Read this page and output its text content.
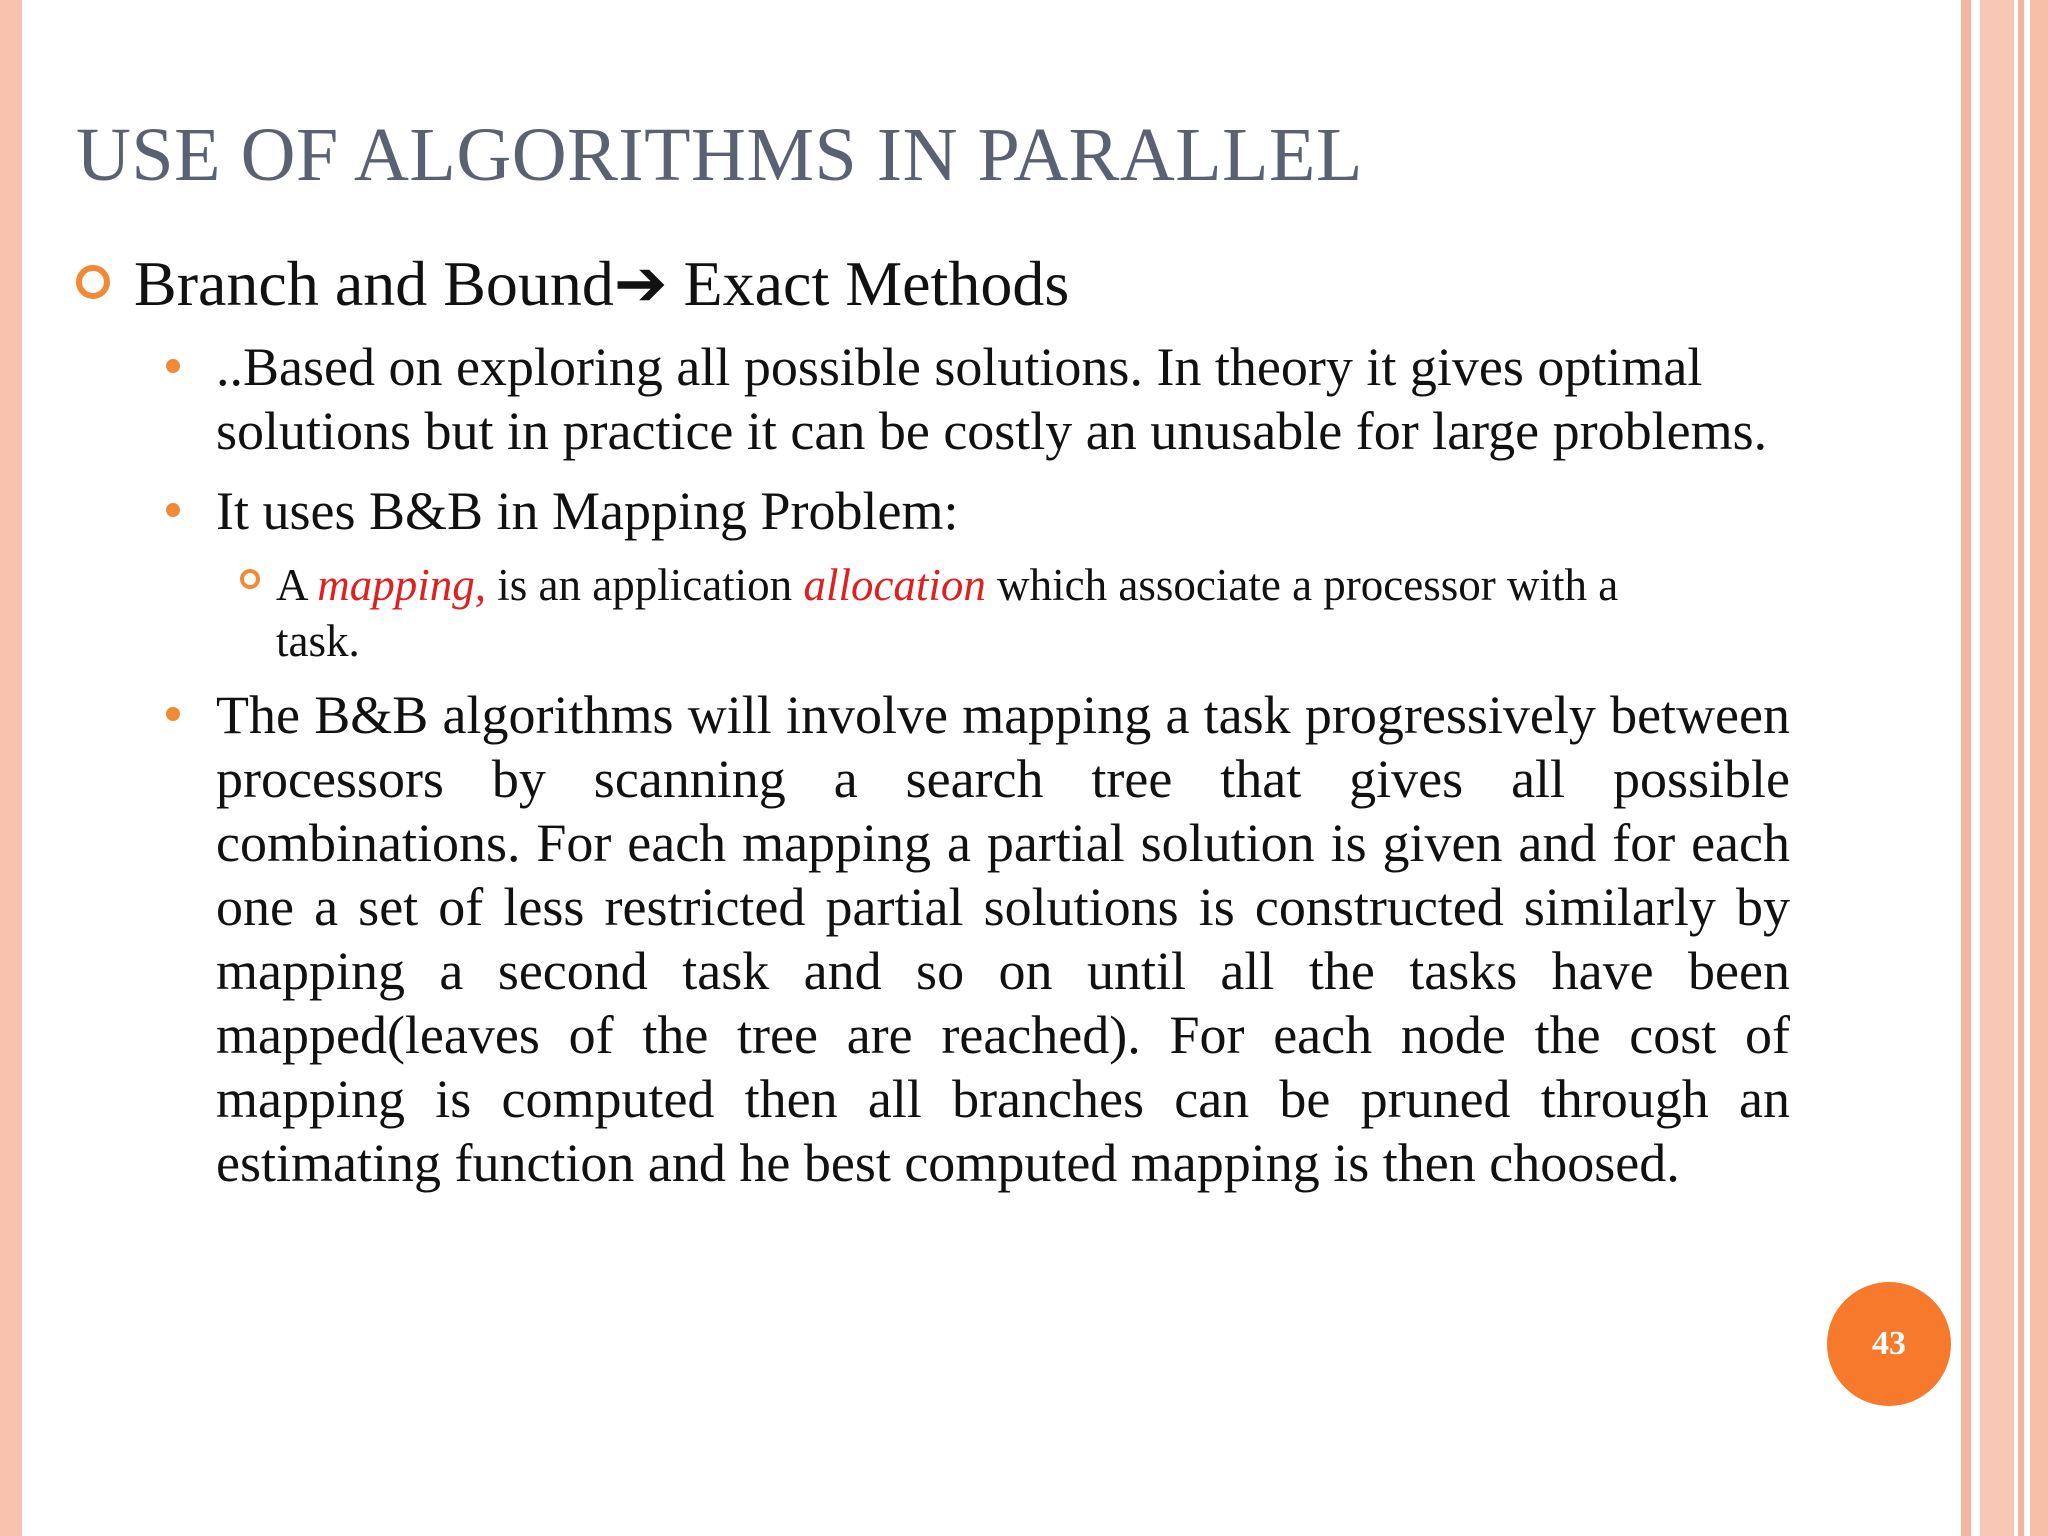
USE OF ALGORITHMS IN PARALLEL
Branch and Bound➔ Exact Methods
..Based on exploring all possible solutions. In theory it gives optimal solutions but in practice it can be costly an unusable for large problems.
It uses B&B in Mapping Problem:
A mapping, is an application allocation which associate a processor with a task.
The B&B algorithms will involve mapping a task progressively between processors by scanning a search tree that gives all possible combinations. For each mapping a partial solution is given and for each one a set of less restricted partial solutions is constructed similarly by mapping a second task and so on until all the tasks have been mapped(leaves of the tree are reached). For each node the cost of mapping is computed then all branches can be pruned through an estimating function and he best computed mapping is then choosed.
43
